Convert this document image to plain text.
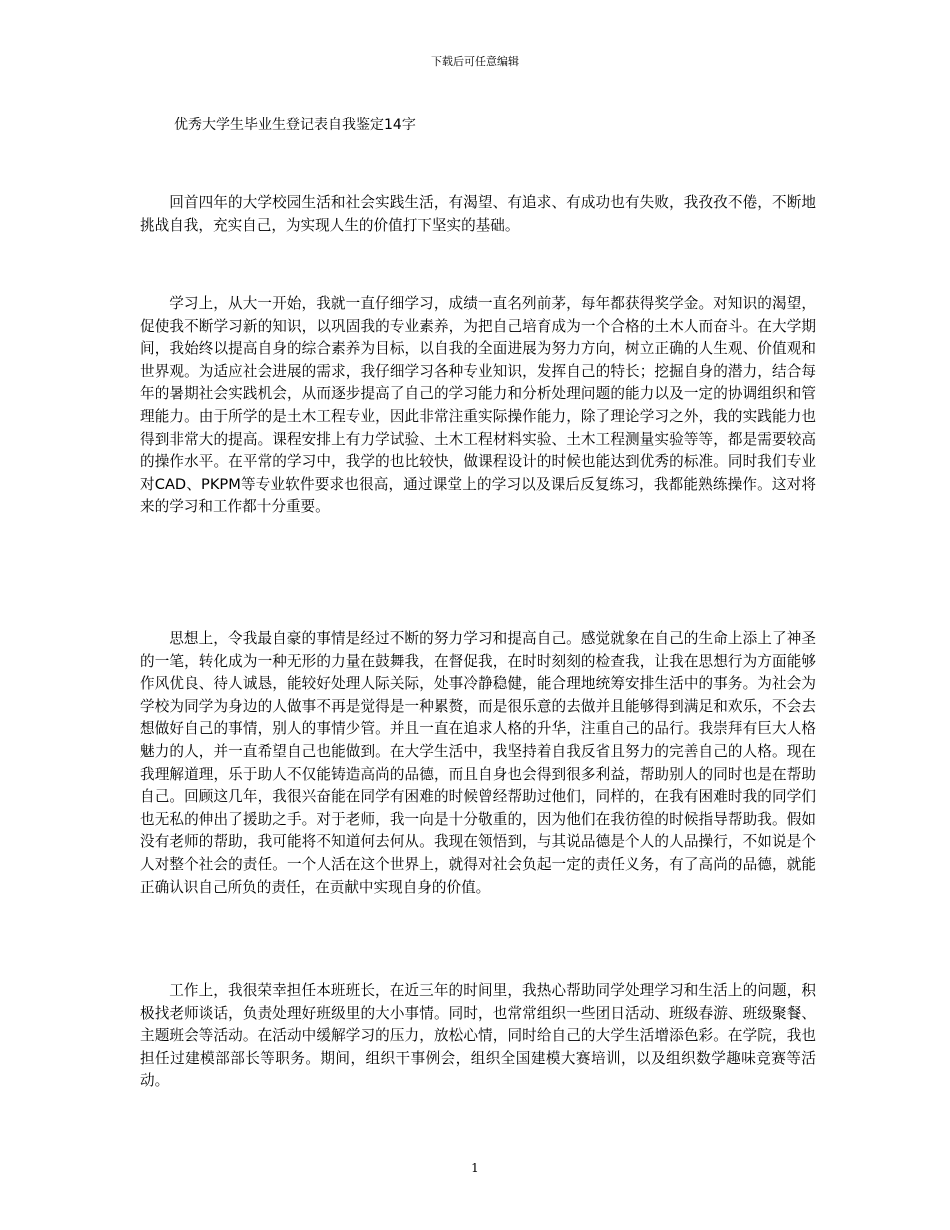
下载后可任意编辑
优秀大学生毕业生登记表自我鉴定14字

回首四年的大学校园生活和社会实践生活，有渴望、有追求、有成功也有失败，我孜孜不倦，不断地挑战自我，充实自己，为实现人生的价值打下坚实的基础。

学习上，从大一开始，我就一直仔细学习，成绩一直名列前茅，每年都获得奖学金。对知识的渴望，促使我不断学习新的知识，以巩固我的专业素养，为把自己培育成为一个合格的土木人而奋斗。在大学期间，我始终以提高自身的综合素养为目标，以自我的全面进展为努力方向，树立正确的人生观、价值观和世界观。为适应社会进展的需求，我仔细学习各种专业知识，发挥自己的特长；挖掘自身的潜力，结合每年的暑期社会实践机会，从而逐步提高了自己的学习能力和分析处理问题的能力以及一定的协调组织和管理能力。由于所学的是土木工程专业，因此非常注重实际操作能力，除了理论学习之外，我的实践能力也得到非常大的提高。课程安排上有力学试验、土木工程材料实验、土木工程测量实验等等，都是需要较高的操作水平。在平常的学习中，我学的也比较快，做课程设计的时候也能达到优秀的标准。同时我们专业对CAD、PKPM等专业软件要求也很高，通过课堂上的学习以及课后反复练习，我都能熟练操作。这对将来的学习和工作都十分重要。

思想上，令我最自豪的事情是经过不断的努力学习和提高自己。感觉就象在自己的生命上添上了神圣的一笔，转化成为一种无形的力量在鼓舞我，在督促我，在时时刻刻的检查我，让我在思想行为方面能够作风优良、待人诚恳，能较好处理人际关际，处事冷静稳健，能合理地统筹安排生活中的事务。为社会为学校为同学为身边的人做事不再是觉得是一种累赘，而是很乐意的去做并且能够得到满足和欢乐，不会去想做好自己的事情，别人的事情少管。并且一直在追求人格的升华，注重自己的品行。我崇拜有巨大人格魅力的人，并一直希望自己也能做到。在大学生活中，我坚持着自我反省且努力的完善自己的人格。现在我理解道理，乐于助人不仅能铸造高尚的品德，而且自身也会得到很多利益，帮助别人的同时也是在帮助自己。回顾这几年，我很兴奋能在同学有困难的时候曾经帮助过他们，同样的，在我有困难时我的同学们也无私的伸出了援助之手。对于老师，我一向是十分敬重的，因为他们在我彷徨的时候指导帮助我。假如没有老师的帮助，我可能将不知道何去何从。我现在领悟到，与其说品德是个人的人品操行，不如说是个人对整个社会的责任。一个人活在这个世界上，就得对社会负起一定的责任义务，有了高尚的品德，就能正确认识自己所负的责任，在贡献中实现自身的价值。

工作上，我很荣幸担任本班班长，在近三年的时间里，我热心帮助同学处理学习和生活上的问题，积极找老师谈话，负责处理好班级里的大小事情。同时，也常常组织一些团日活动、班级春游、班级聚餐、主题班会等活动。在活动中缓解学习的压力，放松心情，同时给自己的大学生活增添色彩。在学院，我也担任过建模部部长等职务。期间，组织干事例会，组织全国建模大赛培训，以及组织数学趣味竞赛等活动。

1
